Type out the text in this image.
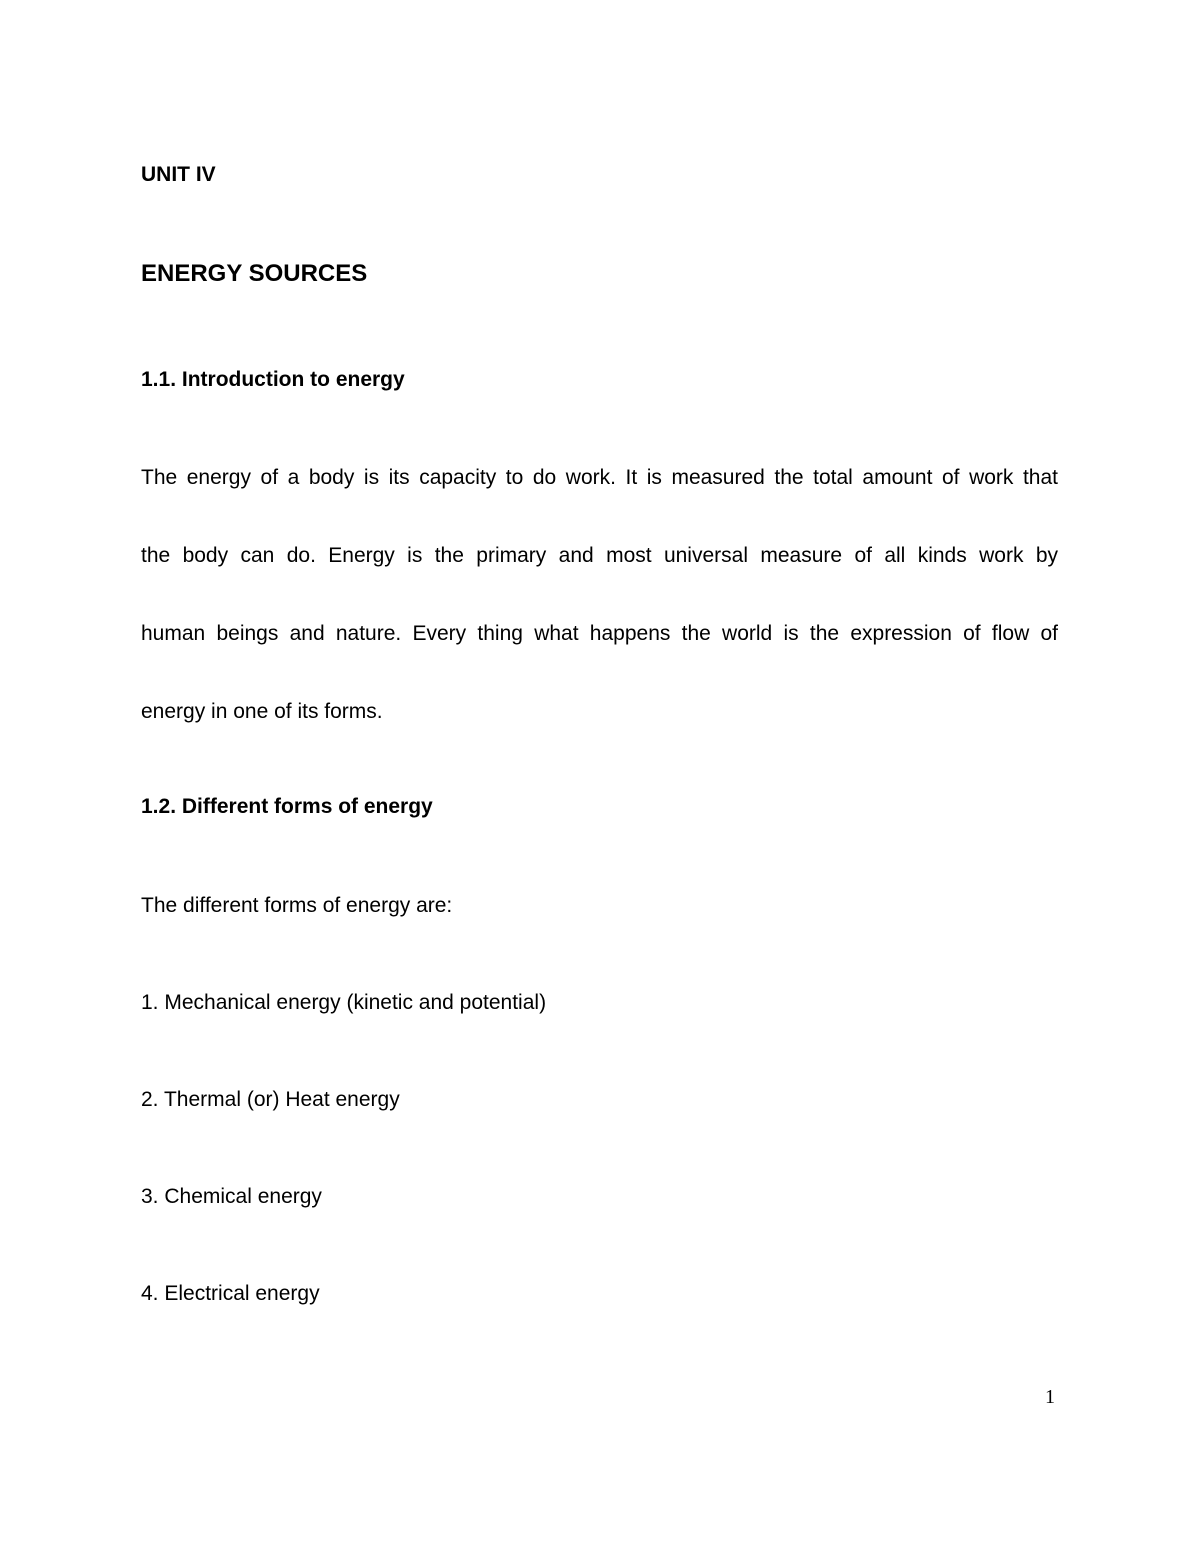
UNIT IV
ENERGY SOURCES
1.1. Introduction to energy
The energy of a body is its capacity to do work. It is measured the total amount of work that
the body can do. Energy is the primary and most universal measure of all kinds work by
human beings and nature. Every thing what happens the world is the expression of flow of
energy in one of its forms.
1.2. Different forms of energy
The different forms of energy are:
1. Mechanical energy (kinetic and potential)
2. Thermal (or) Heat energy
3. Chemical energy
4. Electrical energy
1
